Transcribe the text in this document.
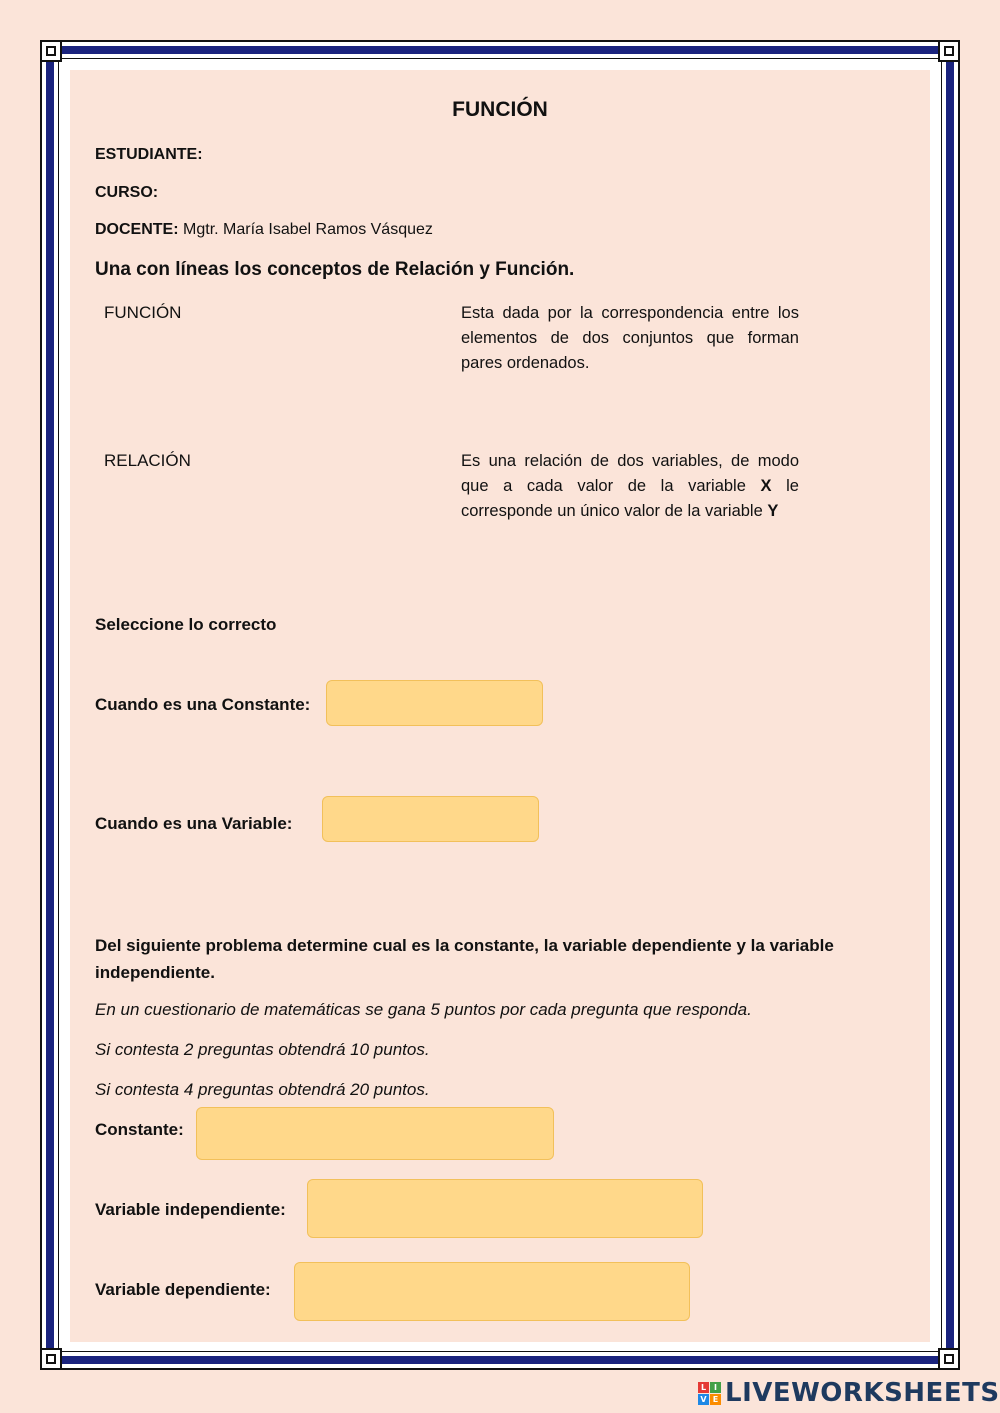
FUNCIÓN
ESTUDIANTE:
CURSO:
DOCENTE: Mgtr. María Isabel Ramos Vásquez
Una con líneas los conceptos de Relación y Función.
FUNCIÓN	Esta dada por la correspondencia entre los elementos de dos conjuntos que forman pares ordenados.
RELACIÓN	Es una relación de dos variables, de modo que a cada valor de la variable X le corresponde un único valor de la variable Y
Seleccione lo correcto
Cuando es una Constante:
Cuando es una Variable:
Del siguiente problema determine cual es la constante, la variable dependiente y la variable independiente.
En un cuestionario de matemáticas se gana 5 puntos por cada pregunta que responda.
Si contesta 2 preguntas obtendrá 10 puntos.
Si contesta 4 preguntas obtendrá 20 puntos.
Constante:
Variable independiente:
Variable dependiente:
L I
V E LIVEWORKSHEETS
